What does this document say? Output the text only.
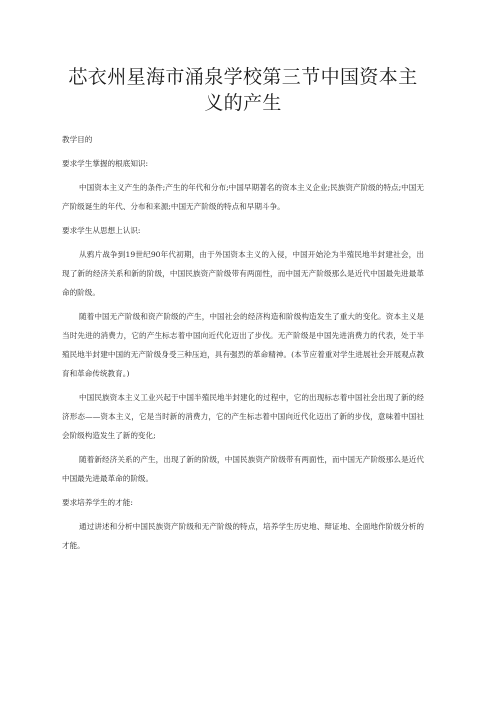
芯衣州星海市涌泉学校第三节中国资本主
义的产生

教学目的

要求学生掌握的根底知识:

中国资本主义产生的条件;产生的年代和分布;中国早期著名的资本主义企业;民族资产阶级的特点;中国无产阶级诞生的年代、分布和来源;中国无产阶级的特点和早期斗争。

要求学生从思想上认识:

从鸦片战争到19世纪90年代初期，由于外国资本主义的入侵，中国开始沦为半殖民地半封建社会，出现了新的经济关系和新的阶级，中国民族资产阶级带有两面性，而中国无产阶级那么是近代中国最先进最革命的阶级。

随着中国无产阶级和资产阶级的产生，中国社会的经济构造和阶级构造发生了重大的变化。资本主义是当时先进的消费力，它的产生标志着中国向近代化迈出了步伐。无产阶级是中国先进消费力的代表，处于半殖民地半封建中国的无产阶级身受三种压迫，具有强烈的革命精神。(本节应着重对学生进展社会开展观点教育和革命传统教育。)

中国民族资本主义工业兴起于中国半殖民地半封建化的过程中，它的出现标志着中国社会出现了新的经济形态——资本主义，它是当时新的消费力，它的产生标志着中国向近代化迈出了新的步伐，意味着中国社会阶级构造发生了新的变化;

随着新经济关系的产生，出现了新的阶级，中国民族资产阶级带有两面性，而中国无产阶级那么是近代中国最先进最革命的阶级。

要求培养学生的才能:

通过讲述和分析中国民族资产阶级和无产阶级的特点，培养学生历史地、辩证地、全面地作阶级分析的才能。
